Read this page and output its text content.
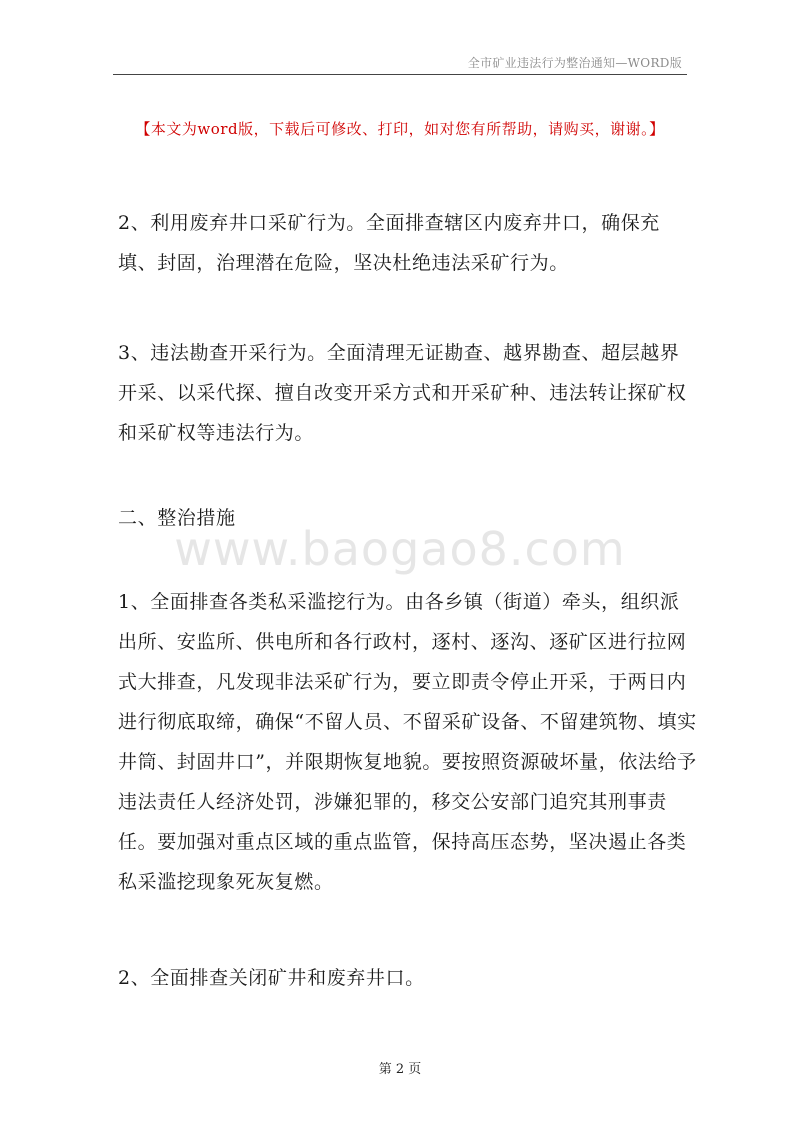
全市矿业违法行为整治通知—WORD版
【本文为word版，下载后可修改、打印，如对您有所帮助，请购买，谢谢。】
www.baogao8.com

2、利用废弃井口采矿行为。全面排查辖区内废弃井口，确保充填、封固，治理潜在危险，坚决杜绝违法采矿行为。

3、违法勘查开采行为。全面清理无证勘查、越界勘查、超层越界开采、以采代探、擅自改变开采方式和开采矿种、违法转让探矿权和采矿权等违法行为。

二、整治措施

1、全面排查各类私采滥挖行为。由各乡镇（街道）牵头，组织派出所、安监所、供电所和各行政村，逐村、逐沟、逐矿区进行拉网式大排查，凡发现非法采矿行为，要立即责令停止开采，于两日内进行彻底取缔，确保“不留人员、不留采矿设备、不留建筑物、填实井筒、封固井口”，并限期恢复地貌。要按照资源破坏量，依法给予违法责任人经济处罚，涉嫌犯罪的，移交公安部门追究其刑事责任。要加强对重点区域的重点监管，保持高压态势，坚决遏止各类私采滥挖现象死灰复燃。

2、全面排查关闭矿井和废弃井口。

第 2 页
